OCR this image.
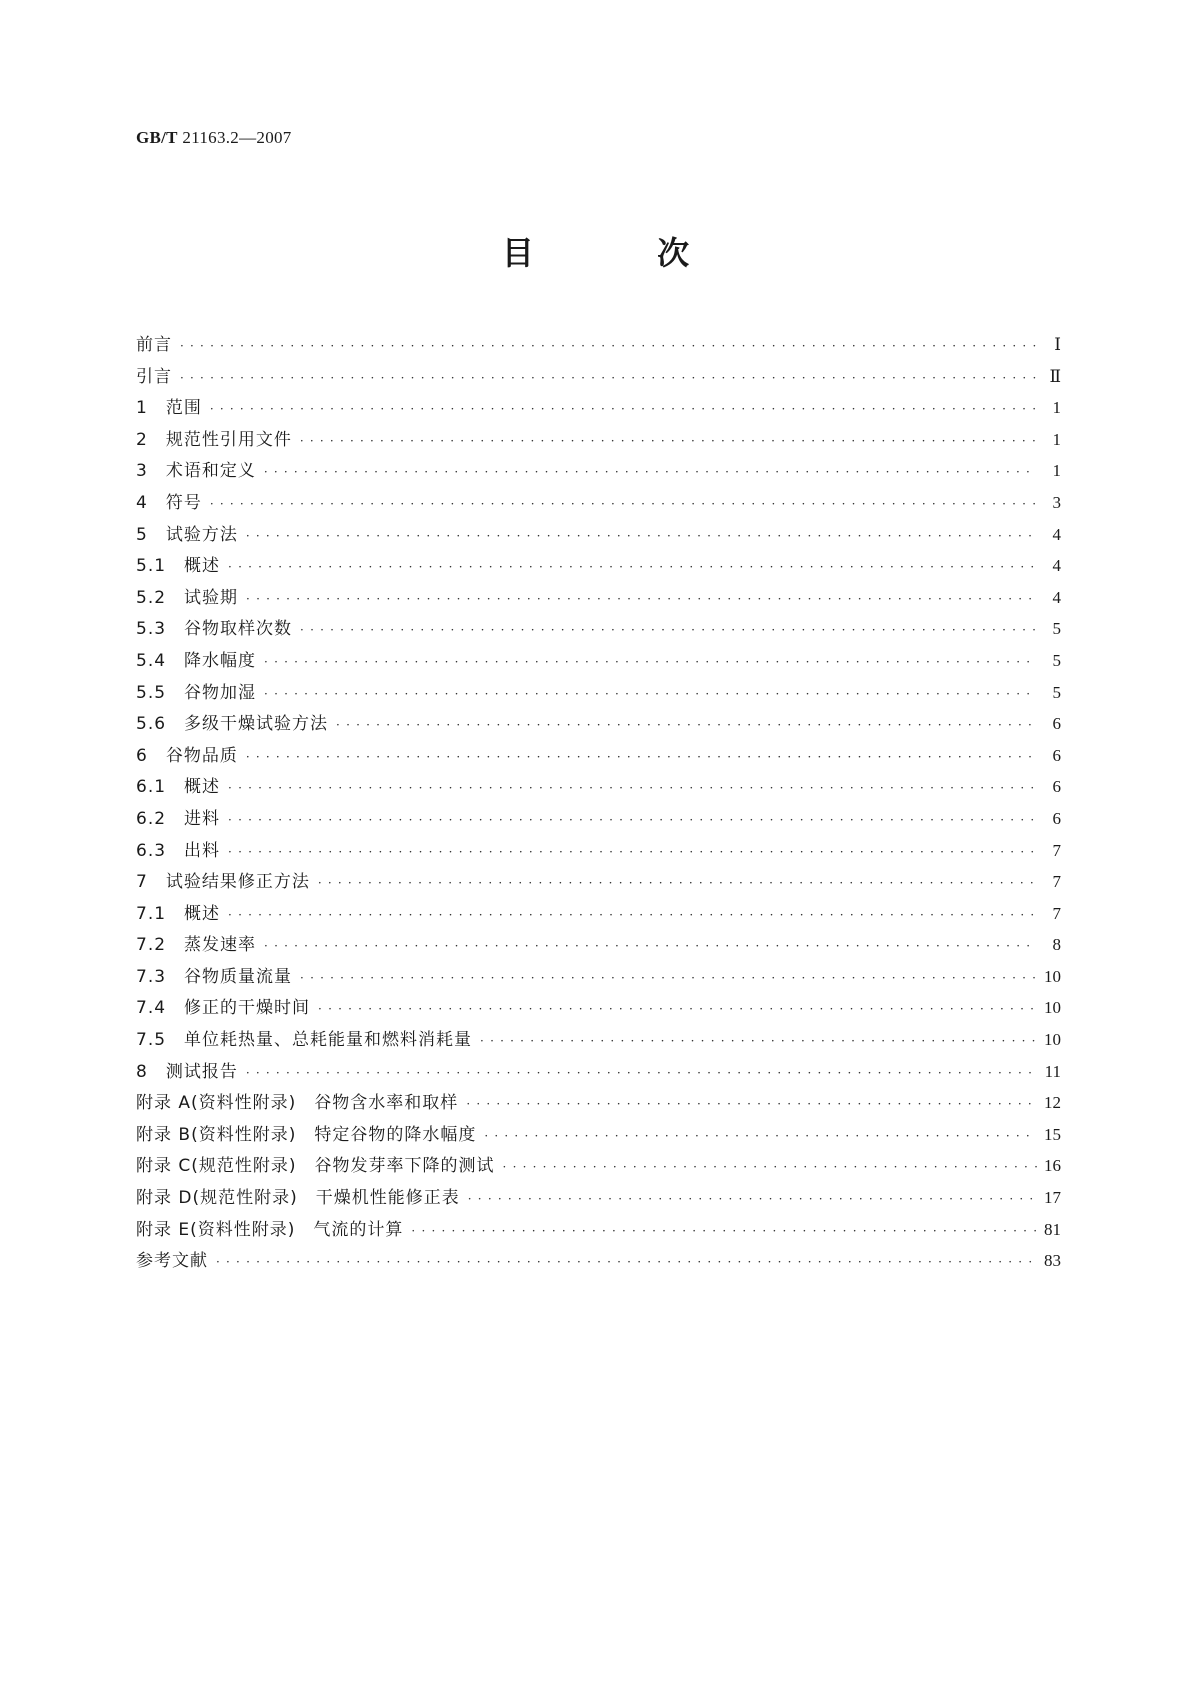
GB/T 21163.2—2007
目 次
前言 · · ·	Ⅰ
引言 · · ·	Ⅱ
1　范围 · · ·	1
2　规范性引用文件 · · ·	1
3　术语和定义 · · ·	1
4　符号 · · ·	3
5　试验方法 · · ·	4
5.1　概述 · · ·	4
5.2　试验期 · · ·	4
5.3　谷物取样次数 · · ·	5
5.4　降水幅度 · · ·	5
5.5　谷物加湿 · · ·	5
5.6　多级干燥试验方法 · · ·	6
6　谷物品质 · · ·	6
6.1　概述 · · ·	6
6.2　进料 · · ·	6
6.3　出料 · · ·	7
7　试验结果修正方法 · · ·	7
7.1　概述 · · ·	7
7.2　蒸发速率 · · ·	8
7.3　谷物质量流量 · · ·	10
7.4　修正的干燥时间 · · ·	10
7.5　单位耗热量、总耗能量和燃料消耗量 · · ·	10
8　测试报告 · · ·	11
附录 A(资料性附录)　谷物含水率和取样 · · ·	12
附录 B(资料性附录)　特定谷物的降水幅度 · · ·	15
附录 C(规范性附录)　谷物发芽率下降的测试 · · ·	16
附录 D(规范性附录)　干燥机性能修正表 · · ·	17
附录 E(资料性附录)　气流的计算 · · ·	81
参考文献 · · ·	83
